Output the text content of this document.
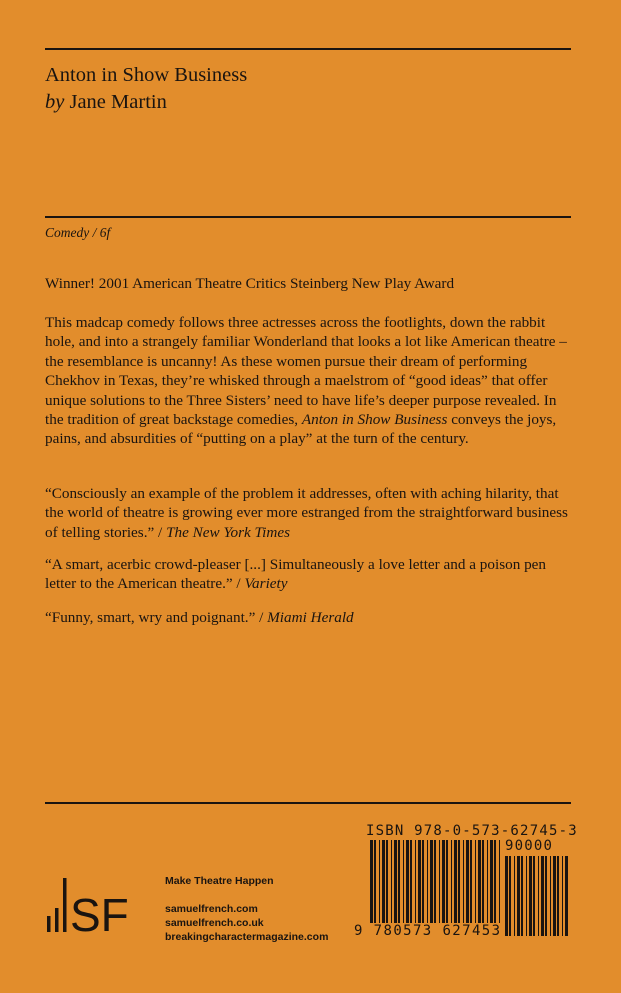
Anton in Show Business
by Jane Martin
Comedy / 6f
Winner! 2001 American Theatre Critics Steinberg New Play Award
This madcap comedy follows three actresses across the footlights, down the rabbit hole, and into a strangely familiar Wonderland that looks a lot like American theatre – the resemblance is uncanny! As these women pursue their dream of performing Chekhov in Texas, they’re whisked through a maelstrom of “good ideas” that offer unique solutions to the Three Sisters’ need to have life’s deeper purpose revealed. In the tradition of great backstage comedies, Anton in Show Business conveys the joys, pains, and absurdities of “putting on a play” at the turn of the century.
“Consciously an example of the problem it addresses, often with aching hilarity, that the world of theatre is growing ever more estranged from the straightforward business of telling stories.” / The New York Times
“A smart, acerbic crowd-pleaser [...] Simultaneously a love letter and a poison pen letter to the American theatre.” / Variety
“Funny, smart, wry and poignant.” / Miami Herald
SF
Make Theatre Happen
samuelfrench.com
samuelfrench.co.uk
breakingcharactermagazine.com
ISBN 978-0-573-62745-3
90000
9 780573 627453
